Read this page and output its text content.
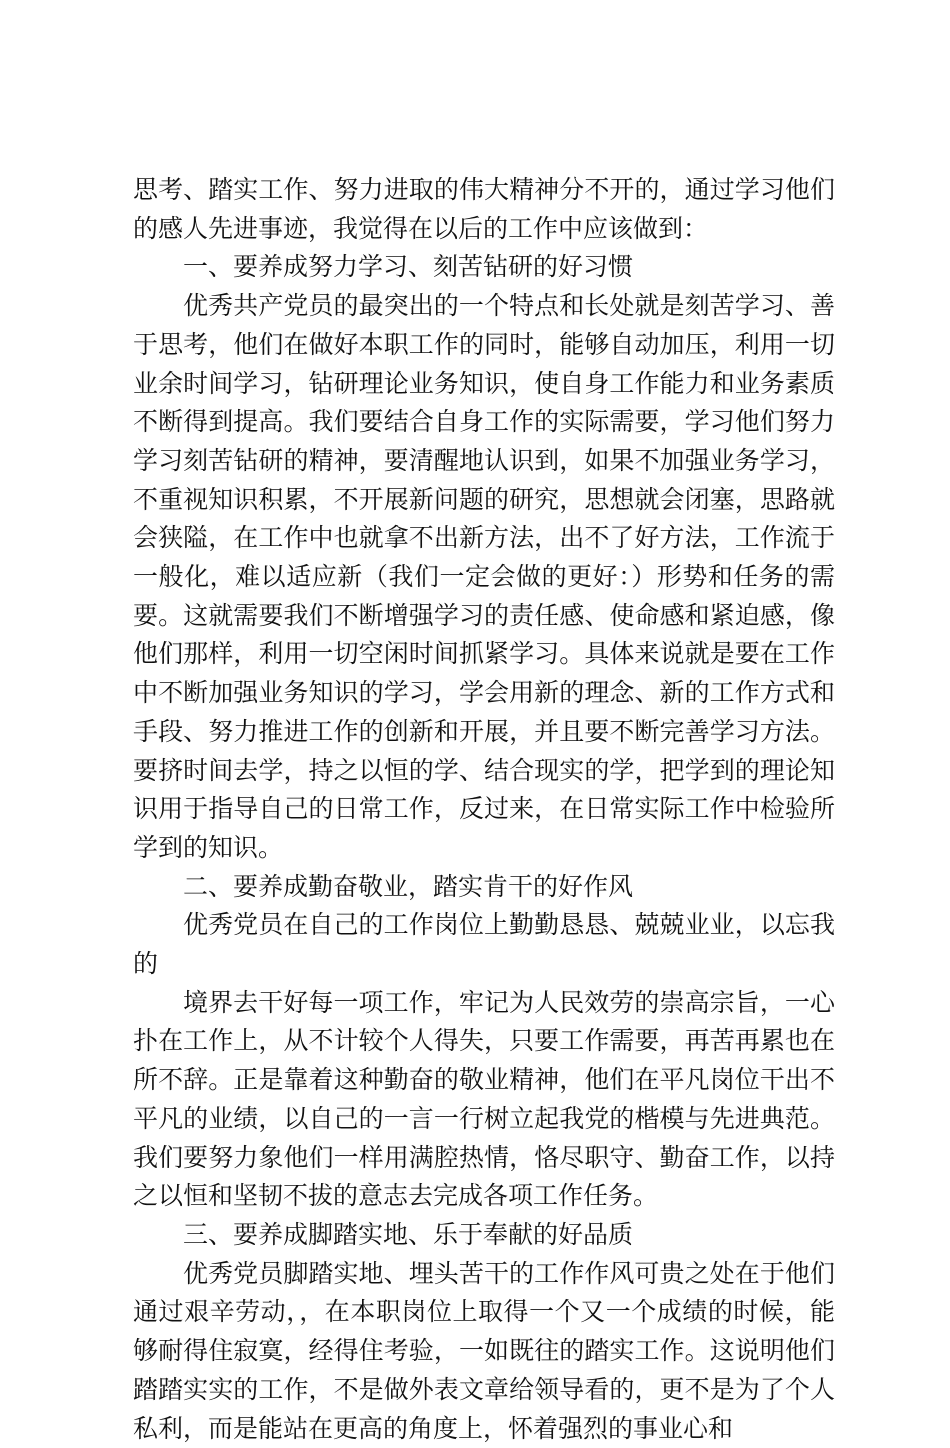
思考、踏实工作、努力进取的伟大精神分不开的，通过学习他们的感人先进事迹，我觉得在以后的工作中应该做到：

一、要养成努力学习、刻苦钻研的好习惯

优秀共产党员的最突出的一个特点和长处就是刻苦学习、善于思考，他们在做好本职工作的同时，能够自动加压，利用一切业余时间学习，钻研理论业务知识，使自身工作能力和业务素质不断得到提高。我们要结合自身工作的实际需要，学习他们努力学习刻苦钻研的精神，要清醒地认识到，如果不加强业务学习，不重视知识积累，不开展新问题的研究，思想就会闭塞，思路就会狭隘，在工作中也就拿不出新方法，出不了好方法，工作流于一般化，难以适应新（我们一定会做的更好：）形势和任务的需要。这就需要我们不断增强学习的责任感、使命感和紧迫感，像他们那样，利用一切空闲时间抓紧学习。具体来说就是要在工作中不断加强业务知识的学习，学会用新的理念、新的工作方式和手段、努力推进工作的创新和开展，并且要不断完善学习方法。要挤时间去学，持之以恒的学、结合现实的学，把学到的理论知识用于指导自己的日常工作，反过来，在日常实际工作中检验所学到的知识。

二、要养成勤奋敬业，踏实肯干的好作风

优秀党员在自己的工作岗位上勤勤恳恳、兢兢业业，以忘我的

境界去干好每一项工作，牢记为人民效劳的崇高宗旨，一心扑在工作上，从不计较个人得失，只要工作需要，再苦再累也在所不辞。正是靠着这种勤奋的敬业精神，他们在平凡岗位干出不平凡的业绩，以自己的一言一行树立起我党的楷模与先进典范。我们要努力象他们一样用满腔热情，恪尽职守、勤奋工作，以持之以恒和坚韧不拔的意志去完成各项工作任务。

三、要养成脚踏实地、乐于奉献的好品质

优秀党员脚踏实地、埋头苦干的工作作风可贵之处在于他们通过艰辛劳动，，在本职岗位上取得一个又一个成绩的时候，能够耐得住寂寞，经得住考验，一如既往的踏实工作。这说明他们踏踏实实的工作，不是做外表文章给领导看的，更不是为了个人私利，而是能站在更高的角度上，怀着强烈的事业心和
